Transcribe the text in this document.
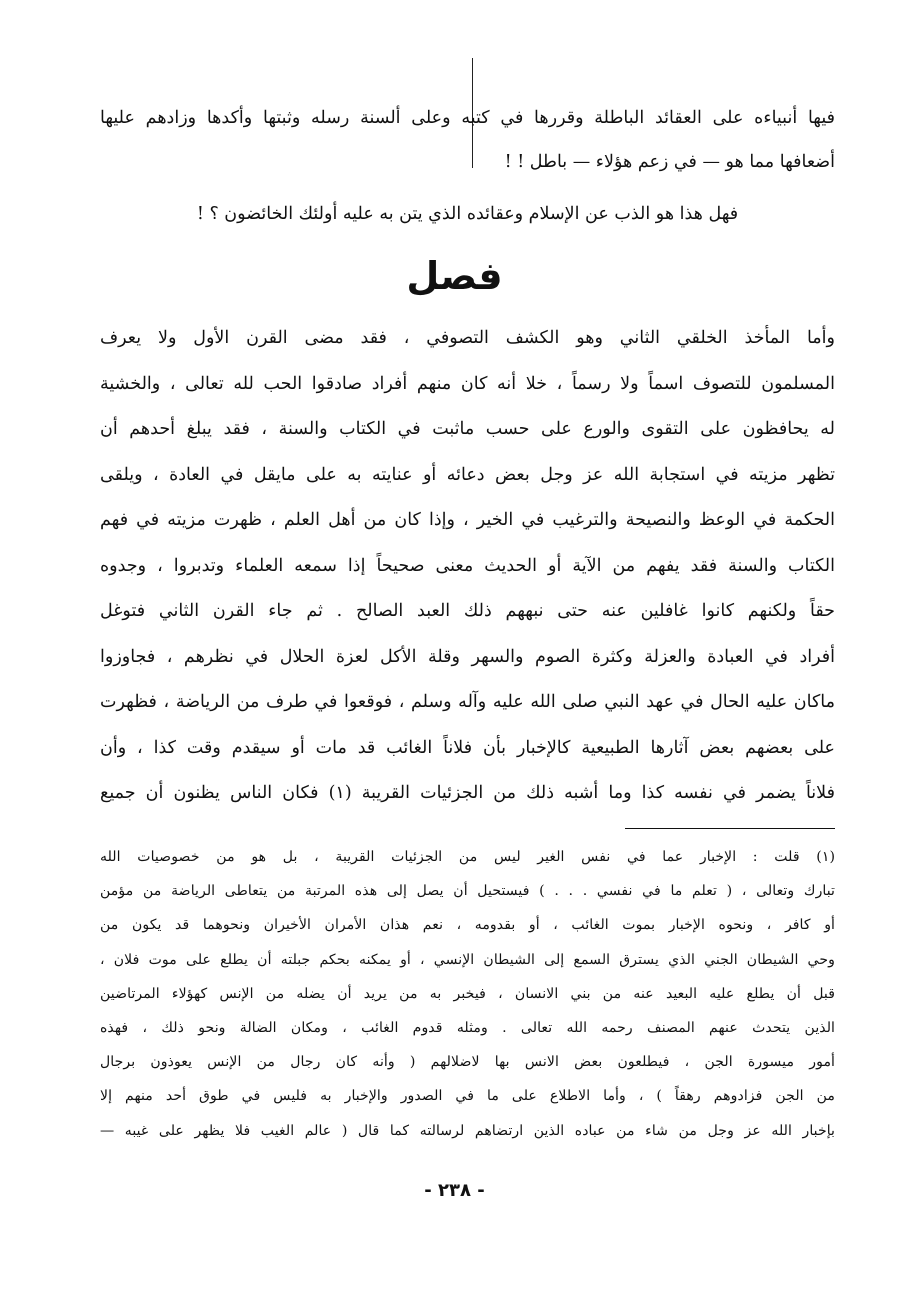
فيها أنبياءه على العقائد الباطلة وقررها في كتبه وعلى ألسنة رسله وثبتها وأكدها وزادهم عليها
أضعافها مما هو — في زعم هؤلاء — باطل ! !
فهل هذا هو الذب عن الإسلام وعقائده الذي يتن به عليه أولئك الخائضون ؟ !
فصل
وأما المأخذ الخلقي الثاني وهو الكشف التصوفي ، فقد مضى القرن الأول ولا يعرف
المسلمون للتصوف اسماً ولا رسماً ، خلا أنه كان منهم أفراد صادقوا الحب لله تعالى ، والخشية
له يحافظون على التقوى والورع على حسب ماثبت في الكتاب والسنة ، فقد يبلغ أحدهم أن
تظهر مزيته في استجابة الله عز وجل بعض دعائه أو عنايته به على مايقل في العادة ، ويلقى
الحكمة في الوعظ والنصيحة والترغيب في الخير ، وإذا كان من أهل العلم ، ظهرت مزيته في فهم
الكتاب والسنة فقد يفهم من الآية أو الحديث معنى صحيحاً إذا سمعه العلماء وتدبروا ، وجدوه
حقاً ولكنهم كانوا غافلين عنه حتى نبههم ذلك العبد الصالح . ثم جاء القرن الثاني فتوغل
أفراد في العبادة والعزلة وكثرة الصوم والسهر وقلة الأكل لعزة الحلال في نظرهم ، فجاوزوا
ماكان عليه الحال في عهد النبي صلى الله عليه وآله وسلم ، فوقعوا في طرف من الرياضة ، فظهرت
على بعضهم بعض آثارها الطبيعية كالإخبار بأن فلاناً الغائب قد مات أو سيقدم وقت كذا ، وأن
فلاناً يضمر في نفسه كذا وما أشبه ذلك من الجزئيات القريبة (١) فكان الناس يظنون أن جميع
(١) قلت : الإخبار عما في نفس الغير ليس من الجزئيات القريبة ، بل هو من خصوصيات الله
تبارك وتعالى ، ( تعلم ما في نفسي . . . ) فيستحيل أن يصل إلى هذه المرتبة من يتعاطى الرياضة من مؤمن
أو كافر ، ونحوه الإخبار بموت الغائب ، أو بقدومه ، نعم هذان الأمران الأخيران ونحوهما قد يكون من
وحي الشيطان الجني الذي يسترق السمع إلى الشيطان الإنسي ، أو يمكنه بحكم جبلته أن يطلع على موت فلان ،
قبل أن يطلع عليه البعيد عنه من بني الانسان ، فيخبر به من يريد أن يضله من الإنس كهؤلاء المرتاضين
الذين يتحدث عنهم المصنف رحمه الله تعالى . ومثله قدوم الغائب ، ومكان الضالة ونحو ذلك ، فهذه
أمور ميسورة الجن ، فيطلعون بعض الانس بها لاضلالهم ( وأنه كان رجال من الإنس يعوذون برجال
من الجن فزادوهم رهقاً ) ، وأما الاطلاع على ما في الصدور والإخبار به فليس في طوق أحد منهم إلا
بإخبار الله عز وجل من شاء من عباده الذين ارتضاهم لرسالته كما قال ( عالم الغيب فلا يظهر على غيبه —
- ٢٣٨ -
